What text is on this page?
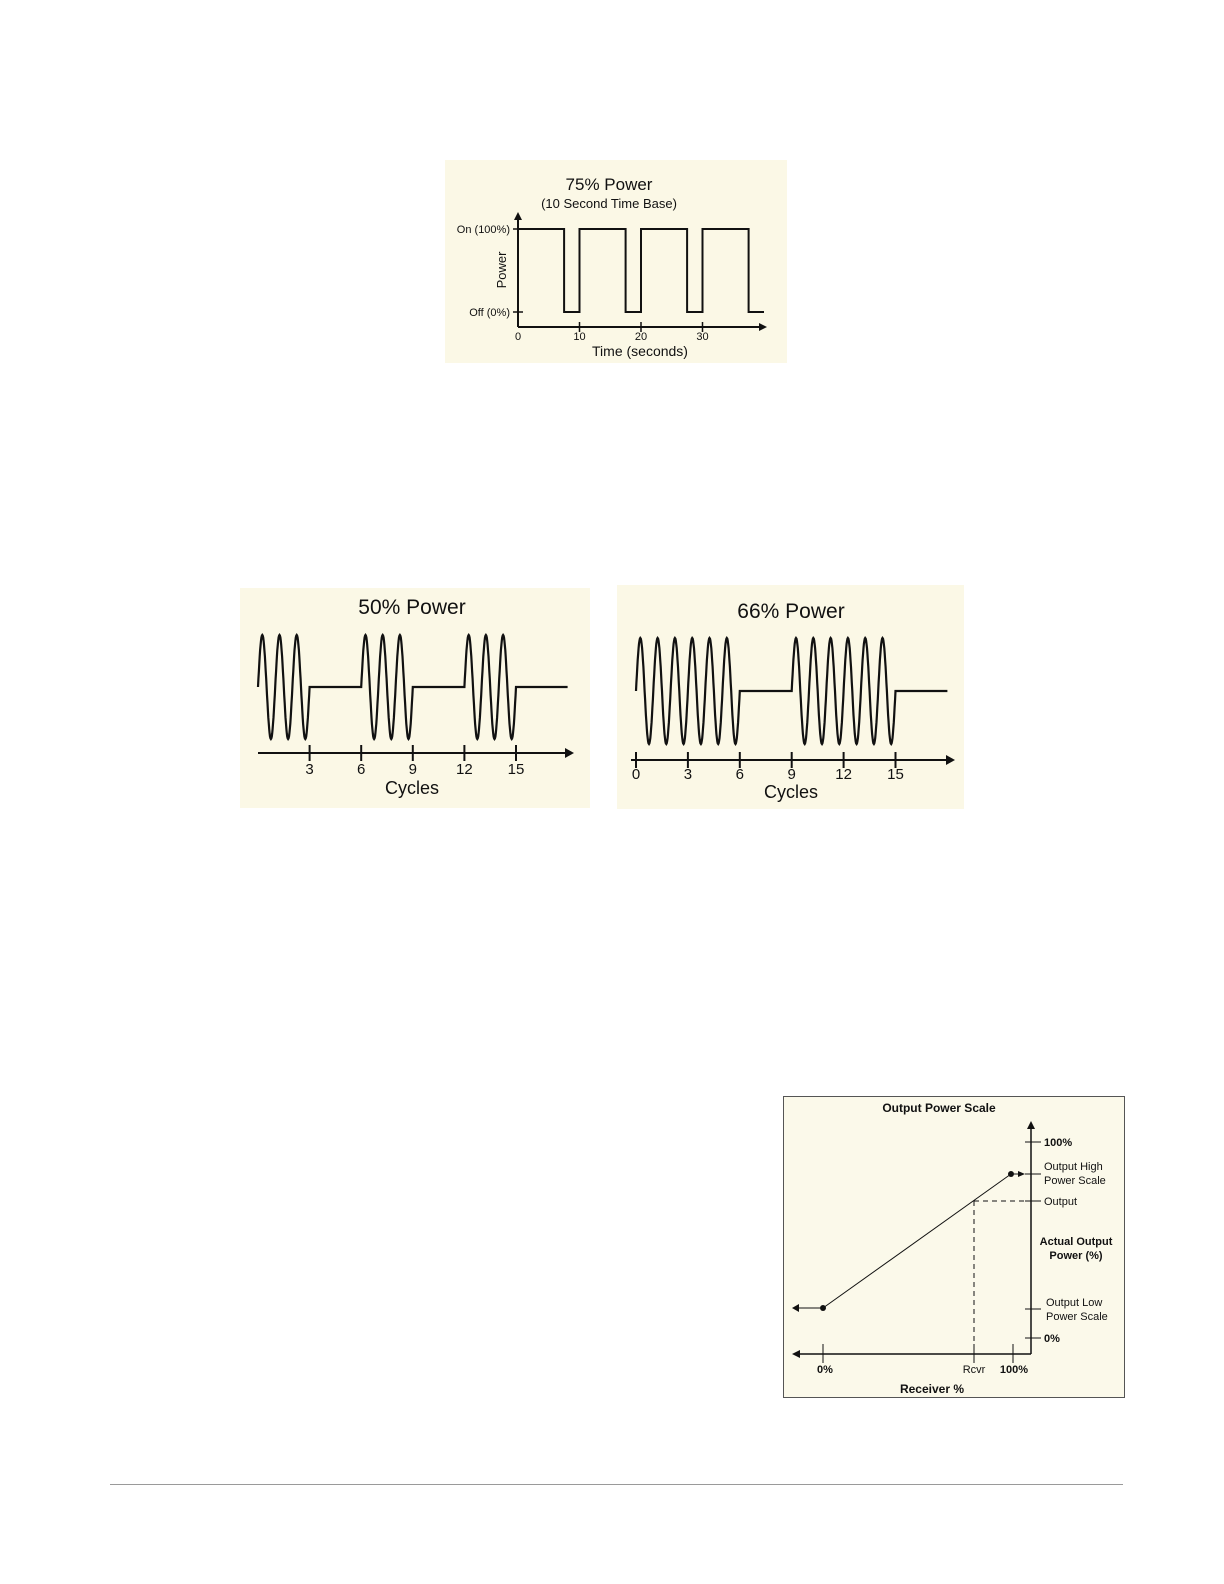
75% Power
(10 Second Time Base)
On (100%)
Off (0%)
Power
0	10	20	30
Time (seconds)
50% Power
3	6	9	12 15
Cycles
66% Power
0	3	6	9	12 15
Cycles
Output Power Scale
100%
Output High
Power Scale
Output
Actual Output
Power (%)
Output Low
Power Scale
0%
0%	Rcvr 100%
Receiver %
